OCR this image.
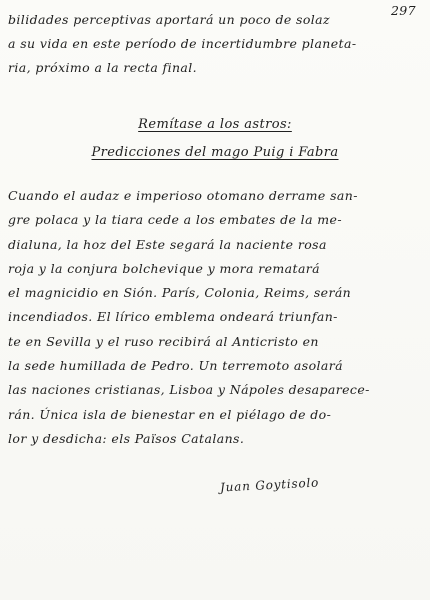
297
bilidades perceptivas aportará un poco de solaz
a su vida en este período de incertidumbre planeta-
ria, próximo a la recta final.
Remítase a los astros:
Predicciones del mago Puig i Fabra
Cuando el audaz e imperioso otomano derrame san-
gre polaca y la tiara cede a los embates de la me-
dialuna, la hoz del Este segará la naciente rosa
roja y la conjura bolchevique y mora rematará
el magnicidio en Sión. París, Colonia, Reims, serán
incendiados. El lírico emblema ondeará triunfan-
te en Sevilla y el ruso recibirá al Anticristo en
la sede humillada de Pedro. Un terremoto asolará
las naciones cristianas, Lisboa y Nápoles desaparece-
rán. Única isla de bienestar en el piélago de do-
lor y desdicha: els Països Catalans.
Juan Goytisolo
